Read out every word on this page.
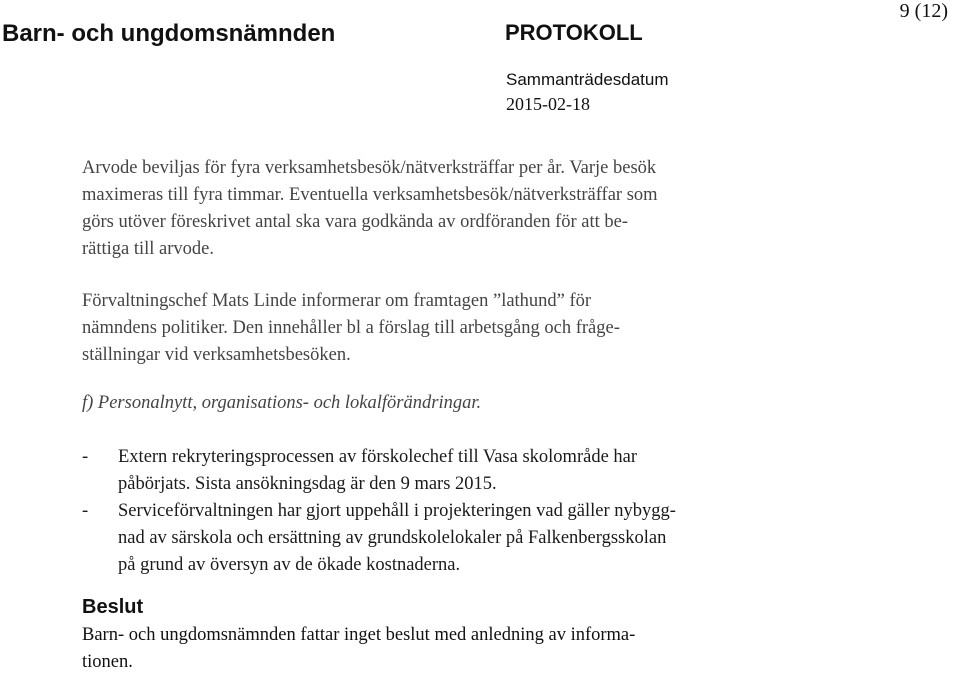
Barn- och ungdomsnämnden	PROTOKOLL
9 (12)
Sammanträdesdatum
2015-02-18
Arvode beviljas för fyra verksamhetsbesök/nätverksträffar per år. Varje besök
maximeras till fyra timmar. Eventuella verksamhetsbesök/nätverksträffar som
görs utöver föreskrivet antal ska vara godkända av ordföranden för att be-
rättiga till arvode.
Förvaltningschef Mats Linde informerar om framtagen ”lathund” för
nämndens politiker. Den innehåller bl a förslag till arbetsgång och fråge-
ställningar vid verksamhetsbesöken.
f) Personalnytt, organisations- och lokalförändringar.
- Extern rekryteringsprocessen av förskolechef till Vasa skolområde har
påbörjats. Sista ansökningsdag är den 9 mars 2015.
- Serviceförvaltningen har gjort uppehåll i projekteringen vad gäller nybygg-
nad av särskola och ersättning av grundskolelokaler på Falkenbergsskolan
på grund av översyn av de ökade kostnaderna.
Beslut
Barn- och ungdomsnämnden fattar inget beslut med anledning av informa-
tionen.
